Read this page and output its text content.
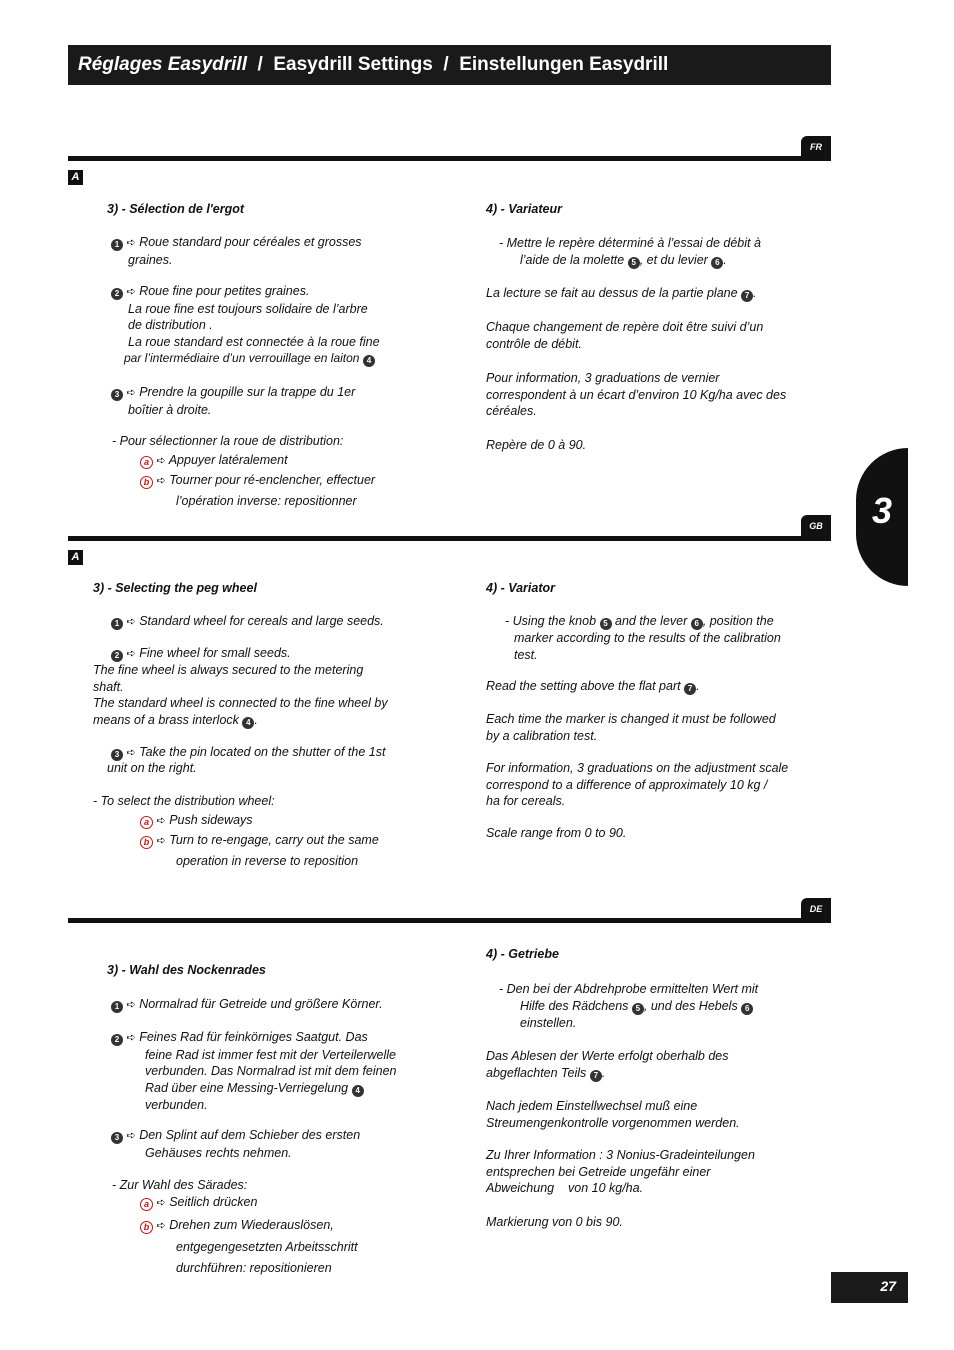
Réglages Easydrill / Easydrill Settings / Einstellungen Easydrill
3
FR
A
3) - Sélection de l'ergot
1 ➪ Roue standard pour céréales et grosses
graines.
2 ➪ Roue fine pour petites graines.
La roue fine est toujours solidaire de l’arbre
de distribution .
La roue standard est connectée à la roue fine
par l’intermédiaire d’un verrouillage en laiton 4
3 ➪ Prendre la goupille sur la trappe du 1er
boîtier à droite.
- Pour sélectionner la roue de distribution:
a ➪ Appuyer latéralement
b ➪ Tourner pour ré-enclencher, effectuer
l’opération inverse: repositionner
4) - Variateur
- Mettre le repère déterminé à l’essai de débit à
l’aide de la molette 5 , et du levier 6 .
La lecture se fait au dessus de la partie plane 7 .
Chaque changement de repère doit être suivi d’un
contrôle de débit.
Pour information, 3 graduations de vernier
correspondent à un écart d’environ 10 Kg/ha avec des
céréales.
Repère de 0 à 90.
GB
A
3) - Selecting the peg wheel
1 ➪ Standard wheel for cereals and large seeds.
2 ➪ Fine wheel for small seeds.
The fine wheel is always secured to the metering
shaft.
The standard wheel is connected to the fine wheel by
means of a brass interlock 4 .
3 ➪ Take the pin located on the shutter of the 1st
unit on the right.
- To select the distribution wheel:
a ➪ Push sideways
b ➪ Turn to re-engage, carry out the same
operation in reverse to reposition
4) - Variator
- Using the knob 5 and the lever 6 , position the
marker according to the results of the calibration
test.
Read the setting above the flat part 7 .
Each time the marker is changed it must be followed
by a calibration test.
For information, 3 graduations on the adjustment scale
correspond to a difference of approximately 10 kg /
ha for cereals.
Scale range from 0 to 90.
DE
3) - Wahl des Nockenrades
1 ➪ Normalrad für Getreide und größere Körner.
2 ➪ Feines Rad für feinkörniges Saatgut. Das
feine Rad ist immer fest mit der Verteilerwelle
verbunden. Das Normalrad ist mit dem feinen
Rad über eine Messing-Verriegelung 4
verbunden.
3 ➪ Den Splint auf dem Schieber des ersten
Gehäuses rechts nehmen.
- Zur Wahl des Särades:
a ➪ Seitlich drücken
b ➪ Drehen zum Wiederauslösen,
entgegengesetzten Arbeitsschritt
durchführen: repositionieren
4) - Getriebe
- Den bei der Abdrehprobe ermittelten Wert mit
Hilfe des Rädchens 5 , und des Hebels 6
einstellen.
Das Ablesen der Werte erfolgt oberhalb des
abgeflachten Teils 7 .
Nach jedem Einstellwechsel muß eine
Streumengenkontrolle vorgenommen werden.
Zu Ihrer Information : 3 Nonius-Gradeinteilungen
entsprechen bei Getreide ungefähr einer
Abweichung    von 10 kg/ha.
Markierung von 0 bis 90.
27
